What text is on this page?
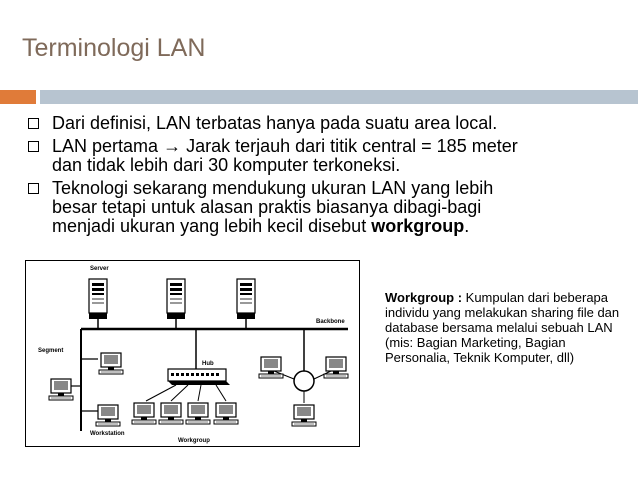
Terminologi LAN
Dari definisi, LAN terbatas hanya pada suatu area local.
LAN pertama → Jarak terjauh dari titik central = 185 meter
dan tidak lebih dari 30 komputer terkoneksi.
Teknologi sekarang mendukung ukuran LAN yang lebih
besar tetapi untuk alasan praktis biasanya dibagi-bagi
menjadi ukuran yang lebih kecil disebut workgroup.
Server
Backbone
Segment
Hub
Workstation
Workgroup
Workgroup : Kumpulan dari beberapa individu yang melakukan sharing file dan database bersama melalui sebuah LAN (mis: Bagian Marketing, Bagian Personalia, Teknik Komputer, dll)
